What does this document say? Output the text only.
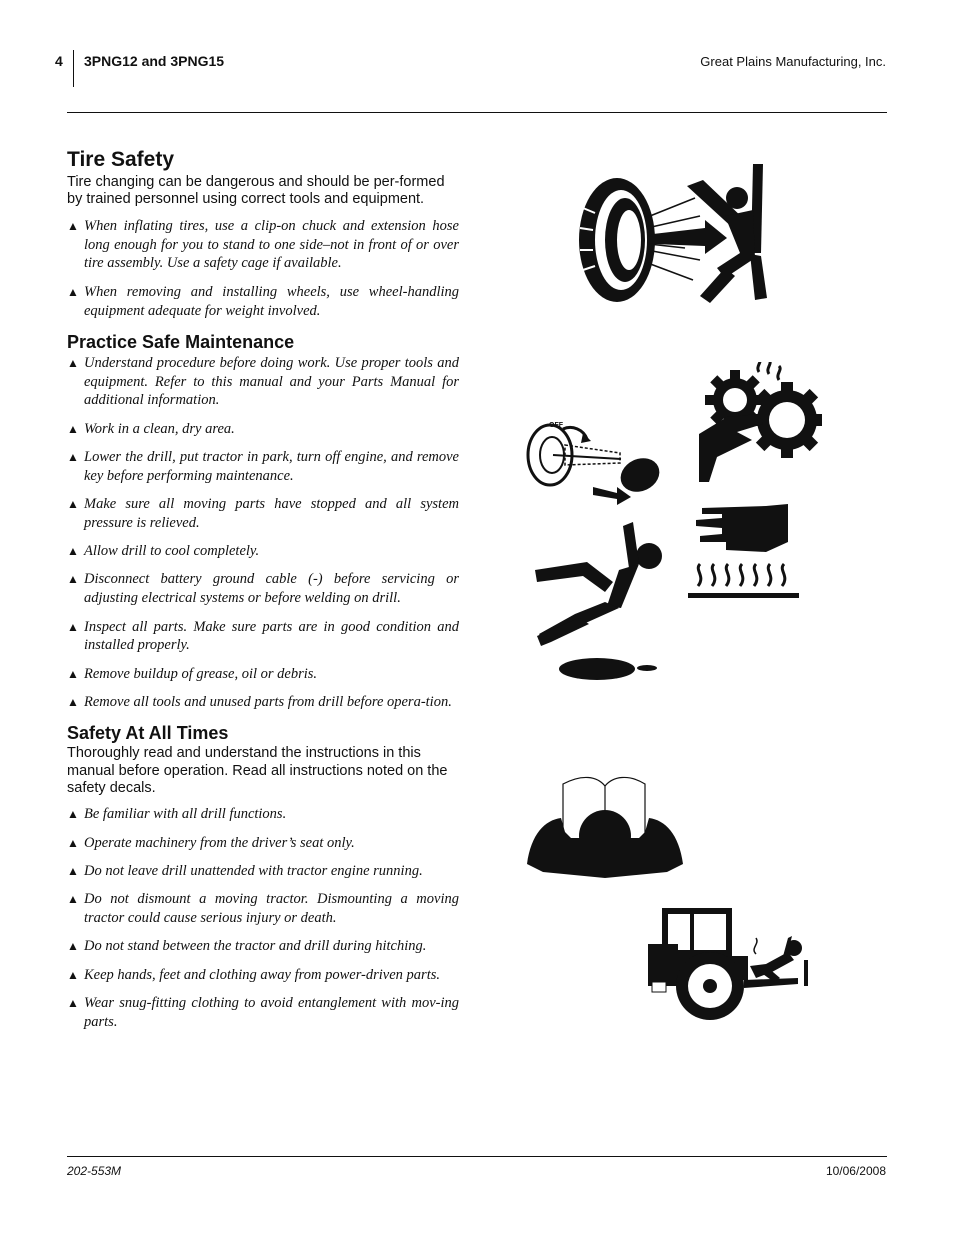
4 3PNG12 and 3PNG15	Great Plains Manufacturing, Inc.
Tire Safety

Tire changing can be dangerous and should be per-formed by trained personnel using correct tools and equipment.

▲ When inflating tires, use a clip-on chuck and extension hose long enough for you to stand to one side–not in front of or over tire assembly. Use a safety cage if available.
▲ When removing and installing wheels, use wheel-handling equipment adequate for weight involved.
Practice Safe Maintenance
▲ Understand procedure before doing work. Use proper tools and equipment. Refer to this manual and your Parts Manual for additional information.
▲ Work in a clean, dry area.
▲ Lower the drill, put tractor in park, turn off engine, and remove key before performing maintenance.
▲ Make sure all moving parts have stopped and all system pressure is relieved.
▲ Allow drill to cool completely.
▲ Disconnect battery ground cable (-) before servicing or adjusting electrical systems or before welding on drill.
▲ Inspect all parts. Make sure parts are in good condition and installed properly.
▲ Remove buildup of grease, oil or debris.
▲ Remove all tools and unused parts from drill before opera-tion.
Safety At All Times

Thoroughly read and understand the instructions in this manual before operation. Read all instructions noted on the safety decals.

▲ Be familiar with all drill functions.
▲ Operate machinery from the driver’s seat only.
▲ Do not leave drill unattended with tractor engine running.
▲ Do not dismount a moving tractor. Dismounting a moving tractor could cause serious injury or death.
▲ Do not stand between the tractor and drill during hitching.
▲ Keep hands, feet and clothing away from power-driven parts.
▲ Wear snug-fitting clothing to avoid entanglement with mov-ing parts.
OFF
202-553M	10/06/2008
